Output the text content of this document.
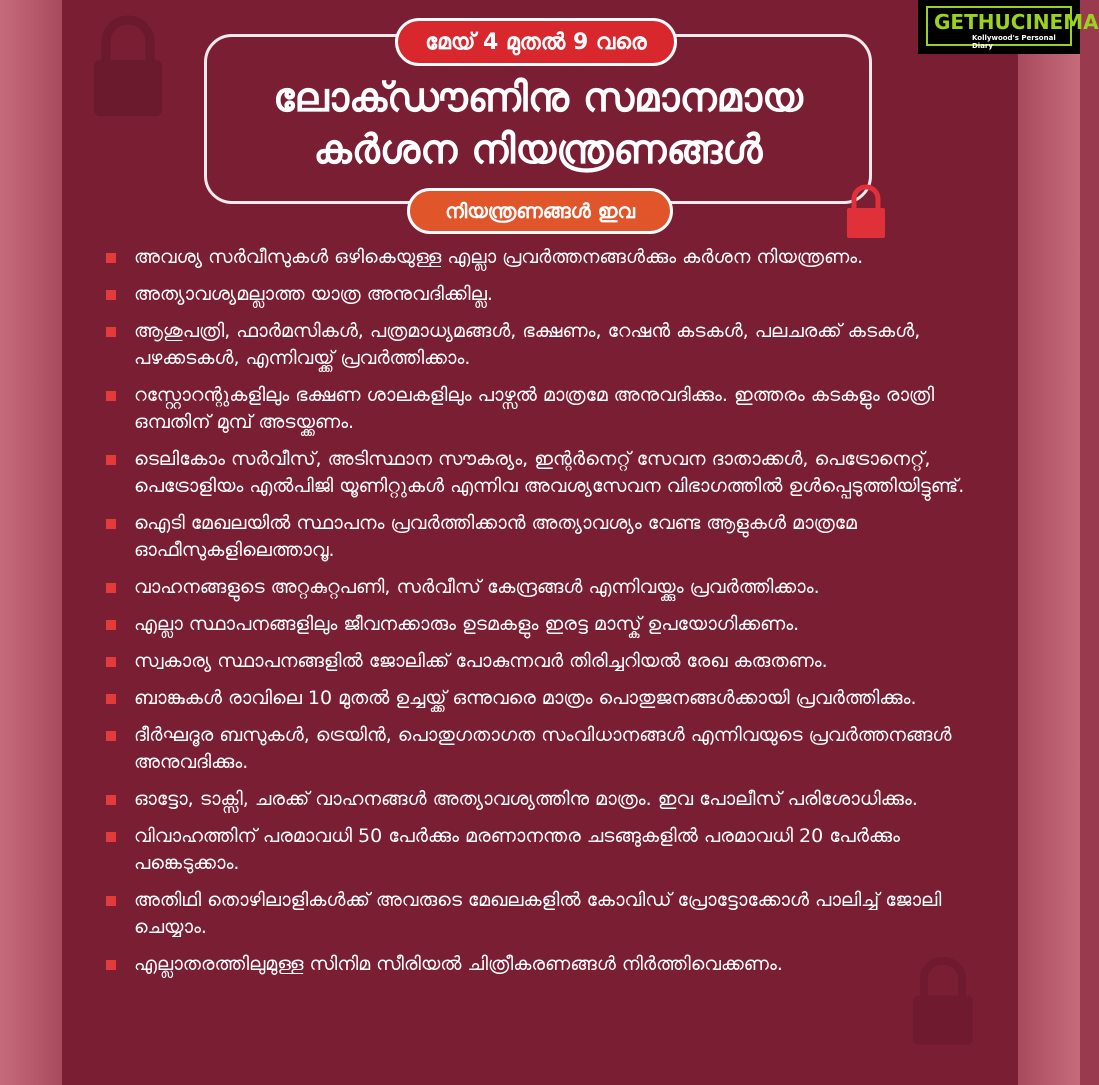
മേയ് 4 മുതൽ 9 വരെ
ലോക്ഡൗണിനു സമാനമായ
കർശന നിയന്ത്രണങ്ങൾ
നിയന്ത്രണങ്ങൾ ഇവ
അവശ്യ സർവീസുകൾ ഒഴികെയുള്ള എല്ലാ പ്രവർത്തനങ്ങൾക്കും കർശന നിയന്ത്രണം.
അത്യാവശ്യമല്ലാത്ത യാത്ര അനുവദിക്കില്ല.
ആശുപത്രി, ഫാർമസികൾ, പത്രമാധ്യമങ്ങൾ, ഭക്ഷണം, റേഷൻ കടകൾ, പലചരക്ക് കടകൾ, പഴക്കടകൾ, എന്നിവയ്ക്ക് പ്രവർത്തിക്കാം.
റസ്റ്റോറന്റുകളിലും ഭക്ഷണ ശാലകളിലും പാഴ്സൽ മാത്രമേ അനുവദിക്കും. ഇത്തരം കടകളും രാത്രി ഒമ്പതിന് മുമ്പ് അടയ്ക്കണം.
ടെലികോം സർവീസ്, അടിസ്ഥാന സൗകര്യം, ഇന്റർനെറ്റ് സേവന ദാതാക്കൾ, പെട്രോനെറ്റ്, പെട്രോളിയം എൽപിജി യൂണിറ്റുകൾ എന്നിവ അവശ്യസേവന വിഭാഗത്തിൽ ഉൾപ്പെടുത്തിയിട്ടുണ്ട്.
ഐടി മേഖലയിൽ സ്ഥാപനം പ്രവർത്തിക്കാൻ അത്യാവശ്യം വേണ്ട ആളുകൾ മാത്രമേ ഓഫീസുകളിലെത്താവൂ.
വാഹനങ്ങളുടെ അറ്റകുറ്റപണി, സർവീസ് കേന്ദ്രങ്ങൾ എന്നിവയ്ക്കും പ്രവർത്തിക്കാം.
എല്ലാ സ്ഥാപനങ്ങളിലും ജീവനക്കാരും ഉടമകളും ഇരട്ട മാസ്ക് ഉപയോഗിക്കണം.
സ്വകാര്യ സ്ഥാപനങ്ങളിൽ ജോലിക്ക് പോകുന്നവർ തിരിച്ചറിയൽ രേഖ കരുതണം.
ബാങ്കുകൾ രാവിലെ 10 മുതൽ ഉച്ചയ്ക്ക് ഒന്നുവരെ മാത്രം പൊതുജനങ്ങൾക്കായി പ്രവർത്തിക്കും.
ദീർഘദൂര ബസുകൾ, ട്രെയിൻ, പൊതുഗതാഗത സംവിധാനങ്ങൾ എന്നിവയുടെ പ്രവർത്തനങ്ങൾ അനുവദിക്കും.
ഓട്ടോ, ടാക്സി, ചരക്ക് വാഹനങ്ങൾ അത്യാവശ്യത്തിനു മാത്രം. ഇവ പോലീസ് പരിശോധിക്കും.
വിവാഹത്തിന് പരമാവധി 50 പേർക്കും മരണാനന്തര ചടങ്ങുകളിൽ പരമാവധി 20 പേർക്കും പങ്കെടുക്കാം.
അതിഥി തൊഴിലാളികൾക്ക് അവരുടെ മേഖലകളിൽ കോവിഡ് പ്രോട്ടോക്കോൾ പാലിച്ച് ജോലി ചെയ്യാം.
എല്ലാതരത്തിലുമുള്ള സിനിമ സീരിയൽ ചിത്രീകരണങ്ങൾ നിർത്തിവെക്കണം.
GETHUCINEMA
Kollywood's Personal Diary
